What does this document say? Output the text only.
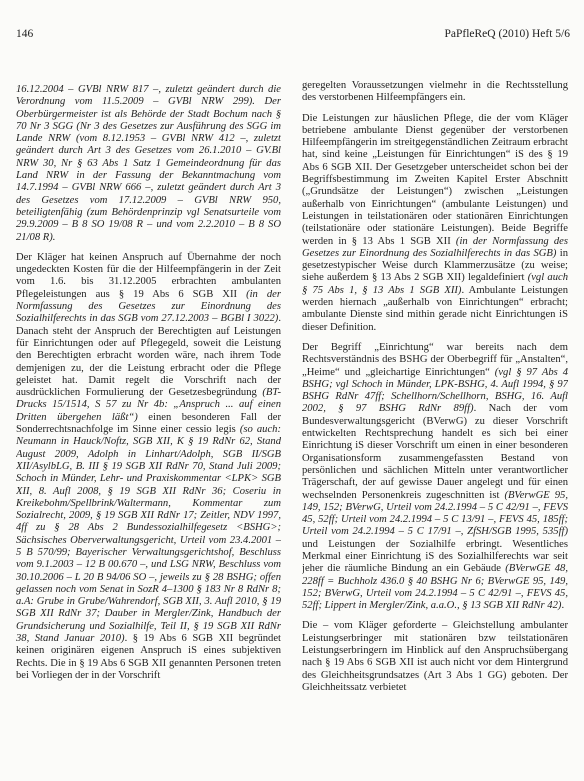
146	PaPfleReQ (2010) Heft 5/6

16.12.2004 – GVBl NRW 817 –, zuletzt geändert durch die Verordnung vom 11.5.2009 – GVBl NRW 299). Der Oberbürgermeister ist als Behörde der Stadt Bochum nach § 70 Nr 3 SGG (Nr 3 des Gesetzes zur Ausführung des SGG im Lande NRW (vom 8.12.1953 – GVBl NRW 412 –, zuletzt geändert durch Art 3 des Gesetzes vom 26.1.2010 – GV.Bl NRW 30, Nr § 63 Abs 1 Satz 1 Gemeindeordnung für das Land NRW in der Fassung der Bekanntmachung vom 14.7.1994 – GVBl NRW 666 –, zuletzt geändert durch Art 3 des Gesetzes vom 17.12.2009 – GVBl NRW 950, beteiligtenfähig (zum Behördenprinzip vgl Senatsurteile vom 29.9.2009 – B 8 SO 19/08 R – und vom 2.2.2010 – B 8 SO 21/08 R).

Der Kläger hat keinen Anspruch auf Übernahme der noch ungedeckten Kosten für die der Hilfeempfängerin in der Zeit vom 1.6. bis 31.12.2005 erbrachten ambulanten Pflegeleistungen aus § 19 Abs 6 SGB XII (in der Normfassung des Gesetzes zur Einordnung des Sozialhilferechts in das SGB vom 27.12.2003 – BGBl I 3022). Danach steht der Anspruch der Berechtigten auf Leistungen für Einrichtungen oder auf Pflegegeld, soweit die Leistung den Berechtigten erbracht worden wäre, nach ihrem Tode demjenigen zu, der die Leistung erbracht oder die Pflege geleistet hat. Damit regelt die Vorschrift nach der ausdrücklichen Formulierung der Gesetzesbegründung (BT-Drucks 15/1514, S 57 zu Nr 4b: „Anspruch ... auf einen Dritten übergehen läßt“) einen besonderen Fall der Sonderrechtsnachfolge im Sinne einer cessio legis (so auch: Neumann in Hauck/Noftz, SGB XII, K § 19 RdNr 62, Stand August 2009, Adolph in Linhart/Adolph, SGB II/SGB XII/AsylbLG, B. III § 19 SGB XII RdNr 70, Stand Juli 2009; Schoch in Münder, Lehr- und Praxiskommentar <LPK> SGB XII, 8. Aufl 2008, § 19 SGB XII RdNr 36; Coseriu in Kreikebohm/Spellbrink/Waltermann, Kommentar zum Sozialrecht, 2009, § 19 SGB XII RdNr 17; Zeitler, NDV 1997, 4ff zu § 28 Abs 2 Bundessozialhilfegesetz <BSHG>; Sächsisches Oberverwaltungsgericht, Urteil vom 23.4.2001 – 5 B 570/99; Bayerischer Verwaltungsgerichtshof, Beschluss vom 9.1.2003 – 12 B 00.670 –, und LSG NRW, Beschluss vom 30.10.2006 – L 20 B 94/06 SO –, jeweils zu § 28 BSHG; offen gelassen noch vom Senat in SozR 4–1300 § 183 Nr 8 RdNr 8; a.A: Grube in Grube/Wahrendorf, SGB XII, 3. Aufl 2010, § 19 SGB XII RdNr 37; Dauber in Mergler/Zink, Handbuch der Grundsicherung und Sozialhilfe, Teil II, § 19 SGB XII RdNr 38, Stand Januar 2010). § 19 Abs 6 SGB XII begründet keinen originären eigenen Anspruch iS eines subjektiven Rechts. Die in § 19 Abs 6 SGB XII genannten Personen treten bei Vorliegen der in der Vorschrift

geregelten Voraussetzungen vielmehr in die Rechtsstellung des verstorbenen Hilfeempfängers ein.

Die Leistungen zur häuslichen Pflege, die der vom Kläger betriebene ambulante Dienst gegenüber der verstorbenen Hilfeempfängerin im streitgegenständlichen Zeitraum erbracht hat, sind keine „Leistungen für Einrichtungen“ iS des § 19 Abs 6 SGB XII. Der Gesetzgeber unterscheidet schon bei der Begriffsbestimmung im Zweiten Kapitel Erster Abschnitt („Grundsätze der Leistungen“) zwischen „Leistungen außerhalb von Einrichtungen“ (ambulante Leistungen) und Leistungen in teilstationären oder stationären Einrichtungen (teilstationäre oder stationäre Leistungen). Beide Begriffe werden in § 13 Abs 1 SGB XII (in der Normfassung des Gesetzes zur Einordnung des Sozialhilferechts in das SGB) in gesetzestypischer Weise durch Klammerzusätze (zu weise; siehe außerdem § 13 Abs 2 SGB XII) legaldefiniert (vgl auch § 75 Abs 1, § 13 Abs 1 SGB XII). Ambulante Leistungen werden hiernach „außerhalb von Einrichtungen“ erbracht; ambulante Dienste sind mithin gerade nicht Einrichtungen iS dieser Definition.

Der Begriff „Einrichtung“ war bereits nach dem Rechtsverständnis des BSHG der Oberbegriff für „Anstalten“, „Heime“ und „gleichartige Einrichtungen“ (vgl § 97 Abs 4 BSHG; vgl Schoch in Münder, LPK-BSHG, 4. Aufl 1994, § 97 BSHG RdNr 47ff; Schellhorn/Schellhorn, BSHG, 16. Aufl 2002, § 97 BSHG RdNr 89ff). Nach der vom Bundesverwaltungsgericht (BVerwG) zu dieser Vorschrift entwickelten Rechtsprechung handelt es sich bei einer Einrichtung iS dieser Vorschrift um einen in einer besonderen Organisationsform zusammengefassten Bestand von persönlichen und sächlichen Mitteln unter verantwortlicher Trägerschaft, der auf gewisse Dauer angelegt und für einen wechselnden Personenkreis zugeschnitten ist (BVerwGE 95, 149, 152; BVerwG, Urteil vom 24.2.1994 – 5 C 42/91 –, FEVS 45, 52ff; Urteil vom 24.2.1994 – 5 C 13/91 –, FEVS 45, 185ff; Urteil vom 24.2.1994 – 5 C 17/91 –, ZfSH/SGB 1995, 535ff) und Leistungen der Sozialhilfe erbringt. Wesentliches Merkmal einer Einrichtung iS des Sozialhilferechts war seit jeher die räumliche Bindung an ein Gebäude (BVerwGE 48, 228ff = Buchholz 436.0 § 40 BSHG Nr 6; BVerwGE 95, 149, 152; BVerwG, Urteil vom 24.2.1994 – 5 C 42/91 –, FEVS 45, 52ff; Lippert in Mergler/Zink, a.a.O., § 13 SGB XII RdNr 42).

Die – vom Kläger geforderte – Gleichstellung ambulanter Leistungserbringer mit stationären bzw teilstationären Leistungserbringern im Hinblick auf den Anspruchsübergang nach § 19 Abs 6 SGB XII ist auch nicht vor dem Hintergrund des Gleichheitsgrundsatzes (Art 3 Abs 1 GG) geboten. Der Gleichheitssatz verbietet
